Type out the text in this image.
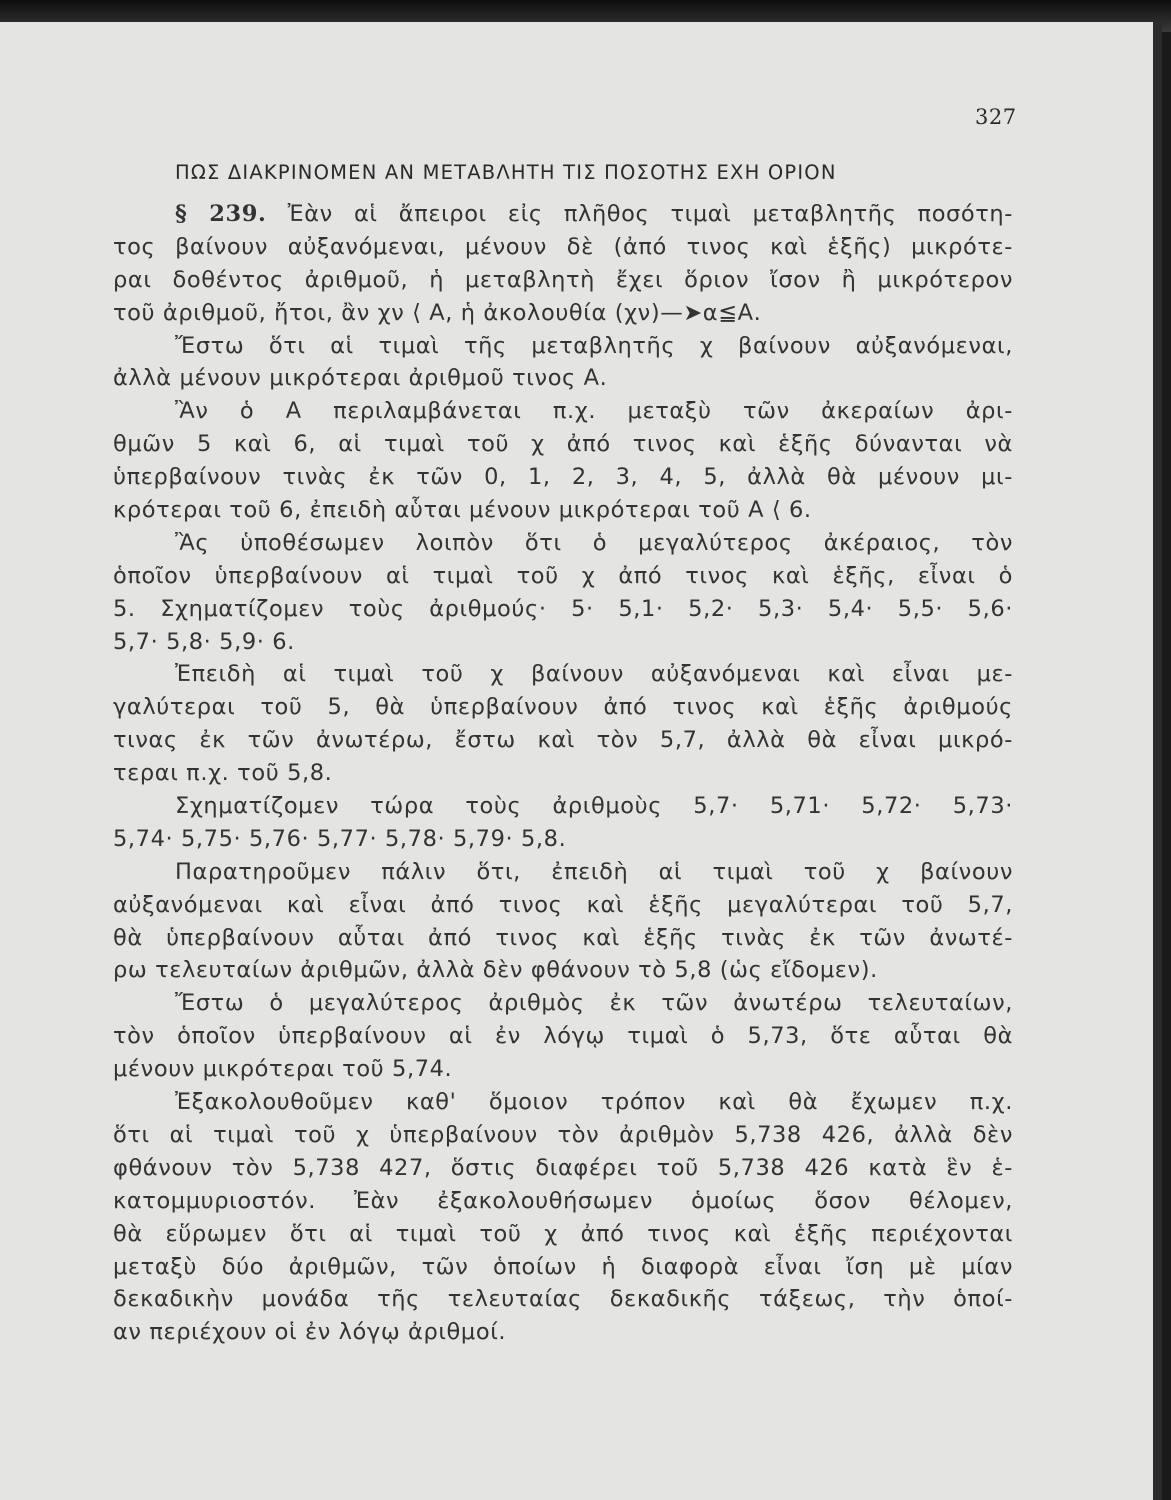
327
ΠΩΣ ΔΙΑΚΡΙΝΟΜΕΝ ΑΝ ΜΕΤΑΒΛΗΤΗ ΤΙΣ ΠΟΣΟΤΗΣ ΕΧΗ ΟΡΙΟΝ
§ 239. Ἐὰν αἱ ἄπειροι εἰς πλῆθος τιμαὶ μεταβλητῆς ποσότη-
τος βαίνουν αὐξανόμεναι, μένουν δὲ (ἀπό τινος καὶ ἑξῆς) μικρότε-
ραι δοθέντος ἀριθμοῦ, ἡ μεταβλητὴ ἔχει ὅριον ἴσον ἢ μικρότερον
τοῦ ἀριθμοῦ, ἤτοι, ἂν χν ⟨ Α, ἡ ἀκολουθία (χν)—➤α≦Α.
Ἔστω ὅτι αἱ τιμαὶ τῆς μεταβλητῆς χ βαίνουν αὐξανόμεναι,
ἀλλὰ μένουν μικρότεραι ἀριθμοῦ τινος Α.
Ἂν ὁ Α περιλαμβάνεται π.χ. μεταξὺ τῶν ἀκεραίων ἀρι-
θμῶν 5 καὶ 6, αἱ τιμαὶ τοῦ χ ἀπό τινος καὶ ἑξῆς δύνανται νὰ
ὑπερβαίνουν τινὰς ἐκ τῶν 0, 1, 2, 3, 4, 5, ἀλλὰ θὰ μένουν μι-
κρότεραι τοῦ 6, ἐπειδὴ αὗται μένουν μικρότεραι τοῦ Α ⟨ 6.
Ἂς ὑποθέσωμεν λοιπὸν ὅτι ὁ μεγαλύτερος ἀκέραιος, τὸν
ὁποῖον ὑπερβαίνουν αἱ τιμαὶ τοῦ χ ἀπό τινος καὶ ἑξῆς, εἶναι ὁ
5. Σχηματίζομεν τοὺς ἀριθμούς· 5· 5,1· 5,2· 5,3· 5,4· 5,5· 5,6·
5,7· 5,8· 5,9· 6.
Ἐπειδὴ αἱ τιμαὶ τοῦ χ βαίνουν αὐξανόμεναι καὶ εἶναι με-
γαλύτεραι τοῦ 5, θὰ ὑπερβαίνουν ἀπό τινος καὶ ἑξῆς ἀριθμούς
τινας ἐκ τῶν ἀνωτέρω, ἔστω καὶ τὸν 5,7, ἀλλὰ θὰ εἶναι μικρό-
τεραι π.χ. τοῦ 5,8.
Σχηματίζομεν τώρα τοὺς ἀριθμοὺς 5,7· 5,71· 5,72· 5,73·
5,74· 5,75· 5,76· 5,77· 5,78· 5,79· 5,8.
Παρατηροῦμεν πάλιν ὅτι, ἐπειδὴ αἱ τιμαὶ τοῦ χ βαίνουν
αὐξανόμεναι καὶ εἶναι ἀπό τινος καὶ ἑξῆς μεγαλύτεραι τοῦ 5,7,
θὰ ὑπερβαίνουν αὗται ἀπό τινος καὶ ἑξῆς τινὰς ἐκ τῶν ἀνωτέ-
ρω τελευταίων ἀριθμῶν, ἀλλὰ δὲν φθάνουν τὸ 5,8 (ὡς εἴδομεν).
Ἔστω ὁ μεγαλύτερος ἀριθμὸς ἐκ τῶν ἀνωτέρω τελευταίων,
τὸν ὁποῖον ὑπερβαίνουν αἱ ἐν λόγῳ τιμαὶ ὁ 5,73, ὅτε αὗται θὰ
μένουν μικρότεραι τοῦ 5,74.
Ἐξακολουθοῦμεν καθ' ὅμοιον τρόπον καὶ θὰ ἔχωμεν π.χ.
ὅτι αἱ τιμαὶ τοῦ χ ὑπερβαίνουν τὸν ἀριθμὸν 5,738 426, ἀλλὰ δὲν
φθάνουν τὸν 5,738 427, ὅστις διαφέρει τοῦ 5,738 426 κατὰ ἓν ἑ-
κατομμυριοστόν. Ἐὰν ἐξακολουθήσωμεν ὁμοίως ὅσον θέλομεν,
θὰ εὕρωμεν ὅτι αἱ τιμαὶ τοῦ χ ἀπό τινος καὶ ἑξῆς περιέχονται
μεταξὺ δύο ἀριθμῶν, τῶν ὁποίων ἡ διαφορὰ εἶναι ἴση μὲ μίαν
δεκαδικὴν μονάδα τῆς τελευταίας δεκαδικῆς τάξεως, τὴν ὁποί-
αν περιέχουν οἱ ἐν λόγῳ ἀριθμοί.
